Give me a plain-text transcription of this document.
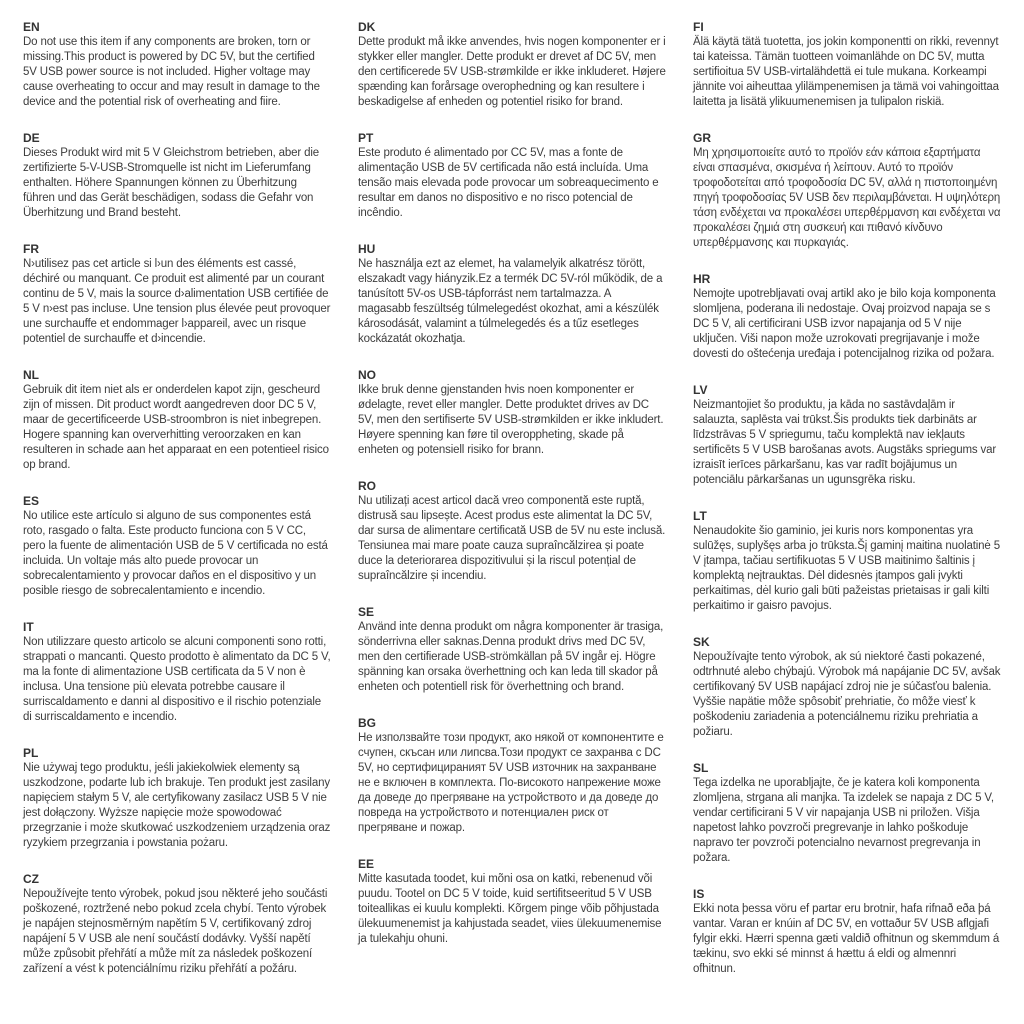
EN

Do not use this item if any components are broken, torn or missing.This product is powered by DC 5V, but the certified 5V USB power source is not included. Higher voltage may cause overheating to occur and may result in damage to the device and the potential risk of overheating and fiire.

DE

Dieses Produkt wird mit 5 V Gleichstrom betrieben, aber die zertifizierte 5-V-USB-Stromquelle ist nicht im Lieferumfang enthalten. Höhere Spannungen können zu Überhitzung führen und das Gerät beschädigen, sodass die Gefahr von Überhitzung und Brand besteht.

FR

N›utilisez pas cet article si l›un des éléments est cassé, déchiré ou manquant. Ce produit est alimenté par un courant continu de 5 V, mais la source d›alimentation USB certifiée de 5 V n›est pas incluse. Une tension plus élevée peut provoquer une surchauffe et endommager l›appareil, avec un risque potentiel de surchauffe et d›incendie.

NL

Gebruik dit item niet als er onderdelen kapot zijn, gescheurd zijn of missen. Dit product wordt aangedreven door DC 5 V, maar de gecertificeerde USB-stroombron is niet inbegrepen. Hogere spanning kan oververhitting veroorzaken en kan resulteren in schade aan het apparaat en een potentieel risico op brand.

ES

No utilice este artículo si alguno de sus componentes está roto, rasgado o falta. Este producto funciona con 5 V CC, pero la fuente de alimentación USB de 5 V certificada no está incluida. Un voltaje más alto puede provocar un sobrecalentamiento y provocar daños en el dispositivo y un posible riesgo de sobrecalentamiento e incendio.

IT

Non utilizzare questo articolo se alcuni componenti sono rotti, strappati o mancanti. Questo prodotto è alimentato da DC 5 V, ma la fonte di alimentazione USB certificata da 5 V non è inclusa. Una tensione più elevata potrebbe causare il surriscaldamento e danni al dispositivo e il rischio potenziale di surriscaldamento e incendio.

PL

Nie używaj tego produktu, jeśli jakiekolwiek elementy są uszkodzone, podarte lub ich brakuje. Ten produkt jest zasilany napięciem stałym 5 V, ale certyfikowany zasilacz USB 5 V nie jest dołączony. Wyższe napięcie może spowodować przegrzanie i może skutkować uszkodzeniem urządzenia oraz ryzykiem przegrzania i powstania pożaru.

CZ

Nepoužívejte tento výrobek, pokud jsou některé jeho součásti poškozené, roztržené nebo pokud zcela chybí. Tento výrobek je napájen stejnosměrným napětím 5 V, certifikovaný zdroj napájení 5 V USB ale není součástí dodávky. Vyšší napětí může způsobit přehřátí a může mít za následek poškození zařízení a vést k potenciálnímu riziku přehřátí a požáru.

DK

Dette produkt må ikke anvendes, hvis nogen komponenter er i stykker eller mangler. Dette produkt er drevet af DC 5V, men den certificerede 5V USB-strømkilde er ikke inkluderet. Højere spænding kan forårsage overophedning og kan resultere i beskadigelse af enheden og potentiel risiko for brand.

PT

Este produto é alimentado por CC 5V, mas a fonte de alimentação USB de 5V certificada não está incluída. Uma tensão mais elevada pode provocar um sobreaquecimento e resultar em danos no dispositivo e no risco potencial de incêndio.

HU

Ne használja ezt az elemet, ha valamelyik alkatrész törött, elszakadt vagy hiányzik.Ez a termék DC 5V-ról működik, de a tanúsított 5V-os USB-tápforrást nem tartalmazza. A magasabb feszültség túlmelegedést okozhat, ami a készülék károsodását, valamint a túlmelegedés és a tűz esetleges kockázatát okozhatja.

NO

Ikke bruk denne gjenstanden hvis noen komponenter er ødelagte, revet eller mangler. Dette produktet drives av DC 5V, men den sertifiserte 5V USB-strømkilden er ikke inkludert. Høyere spenning kan føre til overoppheting, skade på enheten og potensiell risiko for brann.

RO

Nu utilizați acest articol dacă vreo componentă este ruptă, distrusă sau lipsește. Acest produs este alimentat la DC 5V, dar sursa de alimentare certificată USB de 5V nu este inclusă. Tensiunea mai mare poate cauza supraîncălzirea și poate duce la deteriorarea dispozitivului și la riscul potențial de supraîncălzire și incendiu.

SE

Använd inte denna produkt om några komponenter är trasiga, sönderrivna eller saknas.Denna produkt drivs med DC 5V, men den certifierade USB-strömkällan på 5V ingår ej. Högre spänning kan orsaka överhettning och kan leda till skador på enheten och potentiell risk för överhettning och brand.

BG

Не използвайте този продукт, ако някой от компонентите е счупен, скъсан или липсва.Този продукт се захранва с DC 5V, но сертифицираният 5V USB източник на захранване не е включен в комплекта. По-високото напрежение може да доведе до прегряване на устройството и да доведе до повреда на устройството и потенциален риск от прегряване и пожар.

EE

Mitte kasutada toodet, kui mõni osa on katki, rebenenud või puudu. Tootel on DC 5 V toide, kuid sertifitseeritud 5 V USB toiteallikas ei kuulu komplekti. Kõrgem pinge võib põhjustada ülekuumenemist ja kahjustada seadet, viies ülekuumenemise ja tulekahju ohuni.

FI

Älä käytä tätä tuotetta, jos jokin komponentti on rikki, revennyt tai kateissa. Tämän tuotteen voimanlähde on DC 5V, mutta sertifioitua 5V USB-virtalähdettä ei tule mukana. Korkeampi jännite voi aiheuttaa ylilämpenemisen ja tämä voi vahingoittaa laitetta ja lisätä ylikuumenemisen ja tulipalon riskiä.

GR

Μη χρησιμοποιείτε αυτό το προϊόν εάν κάποια εξαρτήματα είναι σπασμένα, σκισμένα ή λείπουν. Αυτό το προϊόν τροφοδοτείται από τροφοδοσία DC 5V, αλλά η πιστοποιημένη πηγή τροφοδοσίας 5V USB δεν περιλαμβάνεται. Η υψηλότερη τάση ενδέχεται να προκαλέσει υπερθέρμανση και ενδέχεται να προκαλέσει ζημιά στη συσκευή και πιθανό κίνδυνο υπερθέρμανσης και πυρκαγιάς.

HR

Nemojte upotrebljavati ovaj artikl ako je bilo koja komponenta slomljena, poderana ili nedostaje. Ovaj proizvod napaja se s DC 5 V, ali certificirani USB izvor napajanja od 5 V nije uključen. Viši napon može uzrokovati pregrijavanje i može dovesti do oštećenja uređaja i potencijalnog rizika od požara.

LV

Neizmantojiet šo produktu, ja kāda no sastāvdaļām ir salauzta, saplēsta vai trūkst.Šis produkts tiek darbināts ar līdzstrāvas 5 V spriegumu, taču komplektā nav iekļauts sertificēts 5 V USB barošanas avots. Augstāks spriegums var izraisīt ierīces pārkaršanu, kas var radīt bojājumus un potenciālu pārkaršanas un ugunsgrēka risku.

LT

Nenaudokite šio gaminio, jei kuris nors komponentas yra sulūžęs, suplyšęs arba jo trūksta.Šį gaminį maitina nuolatinė 5 V įtampa, tačiau sertifikuotas 5 V USB maitinimo šaltinis į komplektą neįtrauktas. Dėl didesnės įtampos gali įvykti perkaitimas, dėl kurio gali būti pažeistas prietaisas ir gali kilti perkaitimo ir gaisro pavojus.

SK

Nepoužívajte tento výrobok, ak sú niektoré časti pokazené, odtrhnuté alebo chýbajú. Výrobok má napájanie DC 5V, avšak certifikovaný 5V USB napájací zdroj nie je súčasťou balenia. Vyššie napätie môže spôsobiť prehriatie, čo môže viesť k poškodeniu zariadenia a potenciálnemu riziku prehriatia a požiaru.

SL

Tega izdelka ne uporabljajte, če je katera koli komponenta zlomljena, strgana ali manjka. Ta izdelek se napaja z DC 5 V, vendar certificirani 5 V vir napajanja USB ni priložen. Višja napetost lahko povzroči pregrevanje in lahko poškoduje napravo ter povzroči potencialno nevarnost pregrevanja in požara.

IS

Ekki nota þessa vöru ef partar eru brotnir, hafa rifnað eða þá vantar. Varan er knúin af DC 5V, en vottaður 5V USB aflgjafi fylgir ekki. Hærri spenna gæti valdið ofhitnun og skemmdum á tækinu, svo ekki sé minnst á hættu á eldi og almennri ofhitnun.
